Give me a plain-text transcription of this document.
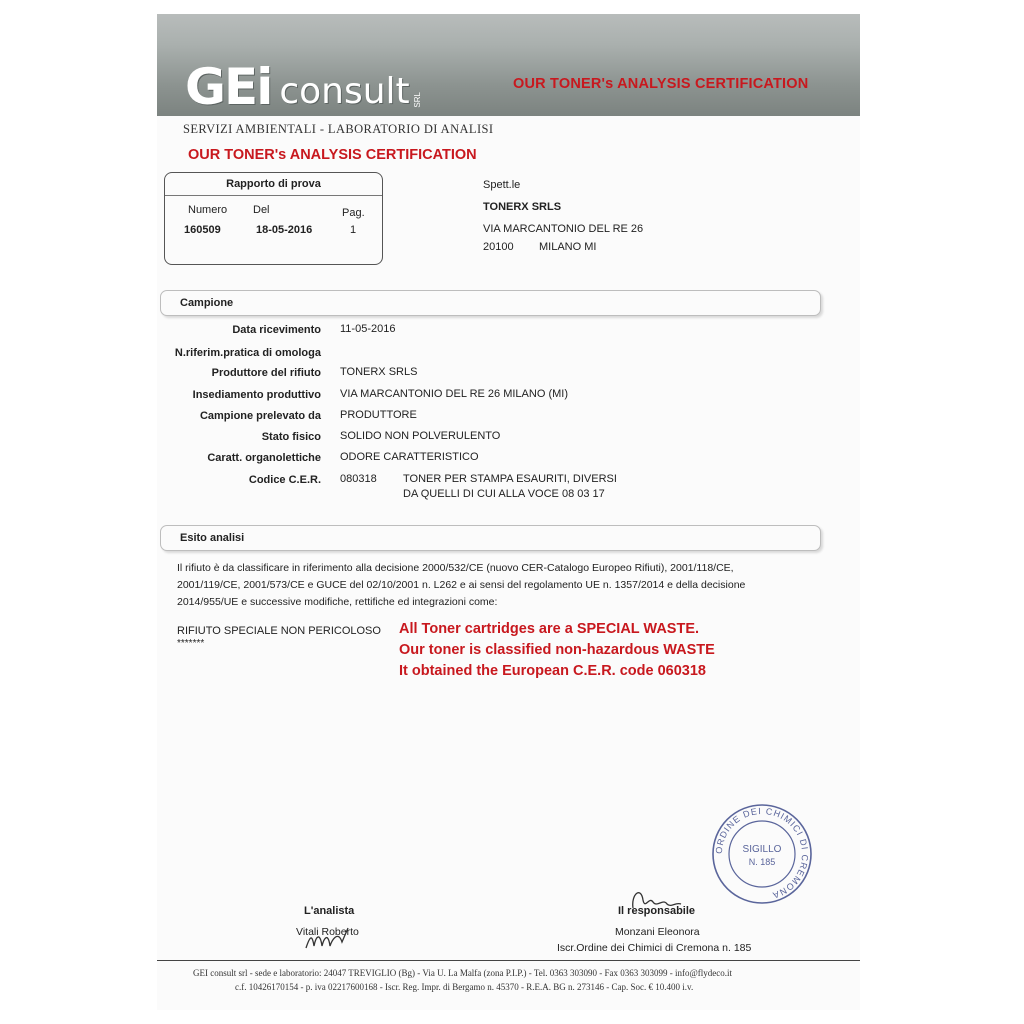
GEi consult SRL
OUR TONER's ANALYSIS CERTIFICATION
SERVIZI AMBIENTALI - LABORATORIO DI ANALISI
OUR TONER's ANALYSIS CERTIFICATION
Rapporto di prova
Numero Del	Pag.
160509	18-05-2016	1
Spett.le
TONERX SRLS
VIA MARCANTONIO DEL RE 26
20100 MILANO MI
Campione
Data ricevimento 11-05-2016
N.riferim.pratica di omologa
Produttore del rifiuto TONERX SRLS
Insediamento produttivo VIA MARCANTONIO DEL RE 26 MILANO (MI)
Campione prelevato da PRODUTTORE
Stato fisico SOLIDO NON POLVERULENTO
Caratt. organolettiche ODORE CARATTERISTICO
Codice C.E.R. 080318 TONER PER STAMPA ESAURITI, DIVERSI
DA QUELLI DI CUI ALLA VOCE 08 03 17
Esito analisi
Il rifiuto è da classificare in riferimento alla decisione 2000/532/CE (nuovo CER-Catalogo Europeo Rifiuti), 2001/118/CE,
2001/119/CE, 2001/573/CE e GUCE del 02/10/2001 n. L262 e ai sensi del regolamento UE n. 1357/2014 e della decisione
2014/955/UE e successive modifiche, rettifiche ed integrazioni come:
RIFIUTO SPECIALE NON PERICOLOSO
*******
All Toner cartridges are a SPECIAL WASTE.
Our toner is classified non-hazardous WASTE
It obtained the European C.E.R. code 060318
ORDINE DEI CHIMICI DI CREMONA
SIGILLO
N. 185
L'analista
Vitali Roberto
Il responsabile
Monzani Eleonora
Iscr.Ordine dei Chimici di Cremona n. 185
GEI consult srl - sede e laboratorio: 24047 TREVIGLIO (Bg) - Via U. La Malfa (zona P.I.P.) - Tel. 0363 303090 - Fax 0363 303099 - info@flydeco.it
c.f. 10426170154 - p. iva 02217600168 - Iscr. Reg. Impr. di Bergamo n. 45370 - R.E.A. BG n. 273146 - Cap. Soc. € 10.400 i.v.
